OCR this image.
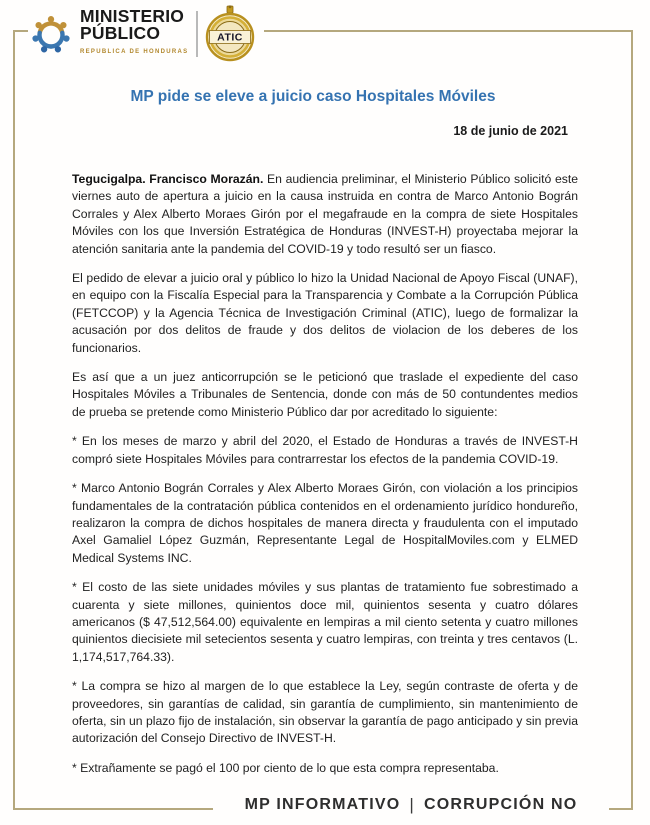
MINISTERIO
PÚBLICO
REPUBLICA DE HONDURAS
ATIC
MP pide se eleve a juicio caso Hospitales Móviles
18 de junio de 2021

Tegucigalpa. Francisco Morazán. En audiencia preliminar, el Ministerio Público solicitó este viernes auto de apertura a juicio en la causa instruida en contra de Marco Antonio Bográn Corrales y Alex Alberto Moraes Girón por el megafraude en la compra de siete Hospitales Móviles con los que Inversión Estratégica de Honduras (INVEST-H) proyectaba mejorar la atención sanitaria ante la pandemia del COVID-19 y todo resultó ser un fiasco.

El pedido de elevar a juicio oral y público lo hizo la Unidad Nacional de Apoyo Fiscal (UNAF), en equipo con la Fiscalía Especial para la Transparencia y Combate a la Corrupción Pública (FETCCOP) y la Agencia Técnica de Investigación Criminal (ATIC), luego de formalizar la acusación por dos delitos de fraude y dos delitos de violacion de los deberes de los funcionarios.

Es así que a un juez anticorrupción se le peticionó que traslade el expediente del caso Hospitales Móviles a Tribunales de Sentencia, donde con más de 50 contundentes medios de prueba se pretende como Ministerio Público dar por acreditado lo siguiente:

* En los meses de marzo y abril del 2020, el Estado de Honduras a través de INVEST-H compró siete Hospitales Móviles para contrarrestar los efectos de la pandemia COVID-19.

* Marco Antonio Bográn Corrales y Alex Alberto Moraes Girón, con violación a los principios fundamentales de la contratación pública contenidos en el ordenamiento jurídico hondureño, realizaron la compra de dichos hospitales de manera directa y fraudulenta con el imputado Axel Gamaliel López Guzmán, Representante Legal de HospitalMoviles.com y ELMED Medical Systems INC.

* El costo de las siete unidades móviles y sus plantas de tratamiento fue sobrestimado a cuarenta y siete millones, quinientos doce mil, quinientos sesenta y cuatro dólares americanos ($ 47,512,564.00) equivalente en lempiras a mil ciento setenta y cuatro millones quinientos diecisiete mil setecientos sesenta y cuatro lempiras, con treinta y tres centavos (L. 1,174,517,764.33).

* La compra se hizo al margen de lo que establece la Ley, según contraste de oferta y de proveedores, sin garantías de calidad, sin garantía de cumplimiento, sin mantenimiento de oferta, sin un plazo fijo de instalación, sin observar la garantía de pago anticipado y sin previa autorización del Consejo Directivo de INVEST-H.

* Extrañamente se pagó el 100 por ciento de lo que esta compra representaba.

MP INFORMATIVO | CORRUPCIÓN NO
